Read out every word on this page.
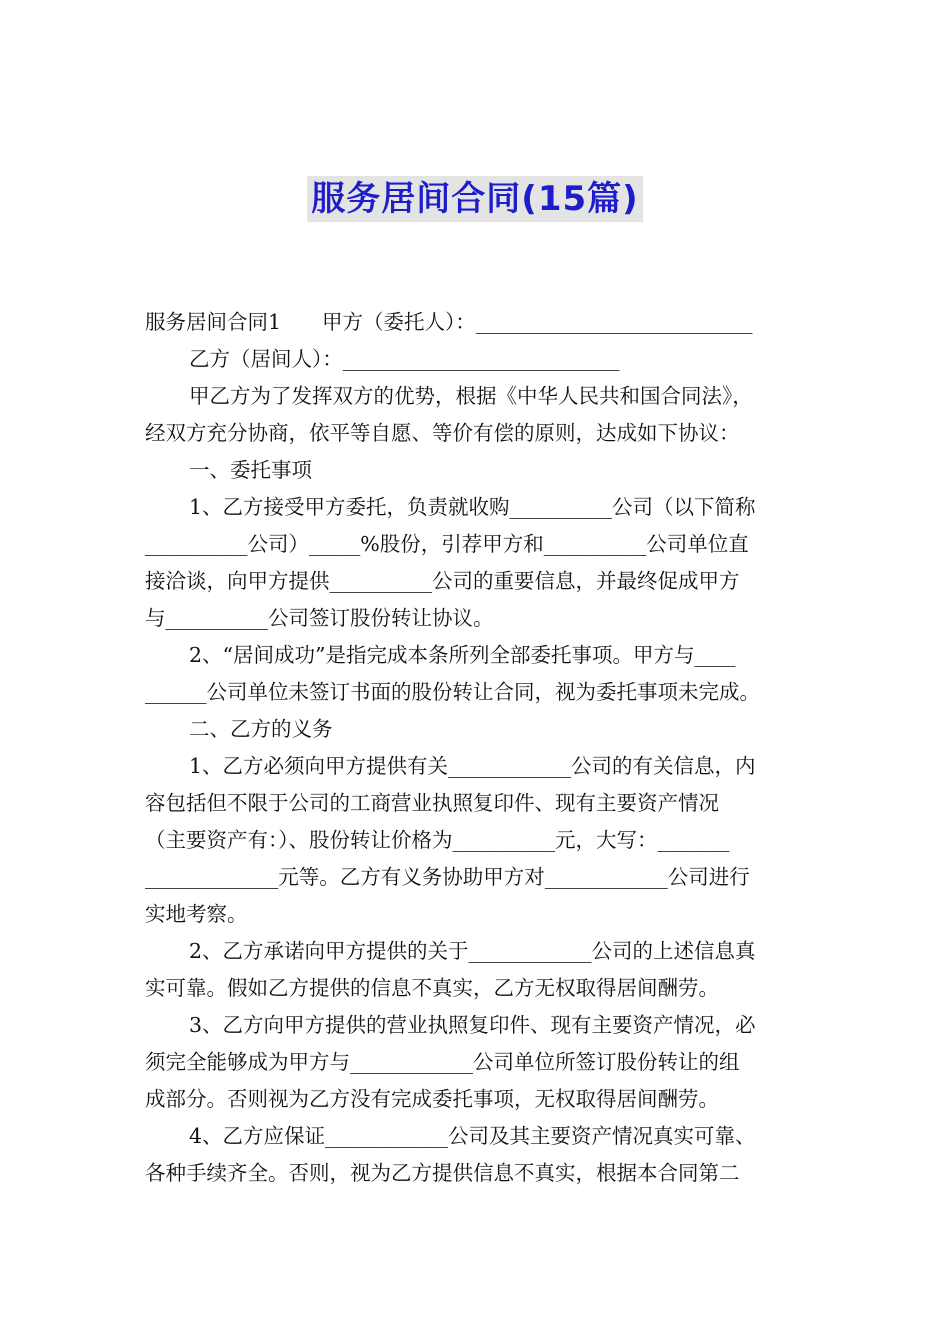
服务居间合同(15篇)
服务居间合同1　　甲方（委托人）：___________________________
乙方（居间人）：___________________________
甲乙方为了发挥双方的优势，根据《中华人民共和国合同法》，
经双方充分协商，依平等自愿、等价有偿的原则，达成如下协议：
一、委托事项
1、乙方接受甲方委托，负责就收购__________公司（以下简称
__________公司）_____%股份，引荐甲方和__________公司单位直
接洽谈，向甲方提供__________公司的重要信息，并最终促成甲方
与__________公司签订股份转让协议。
2、“居间成功”是指完成本条所列全部委托事项。甲方与____
______公司单位未签订书面的股份转让合同，视为委托事项未完成。
二、乙方的义务
1、乙方必须向甲方提供有关____________公司的有关信息，内
容包括但不限于公司的工商营业执照复印件、现有主要资产情况
（主要资产有：）、股份转让价格为__________元，大写：_______
_____________元等。乙方有义务协助甲方对____________公司进行
实地考察。
2、乙方承诺向甲方提供的关于____________公司的上述信息真
实可靠。假如乙方提供的信息不真实，乙方无权取得居间酬劳。
3、乙方向甲方提供的营业执照复印件、现有主要资产情况，必
须完全能够成为甲方与____________公司单位所签订股份转让的组
成部分。否则视为乙方没有完成委托事项，无权取得居间酬劳。
4、乙方应保证____________公司及其主要资产情况真实可靠、
各种手续齐全。否则，视为乙方提供信息不真实，根据本合同第二
